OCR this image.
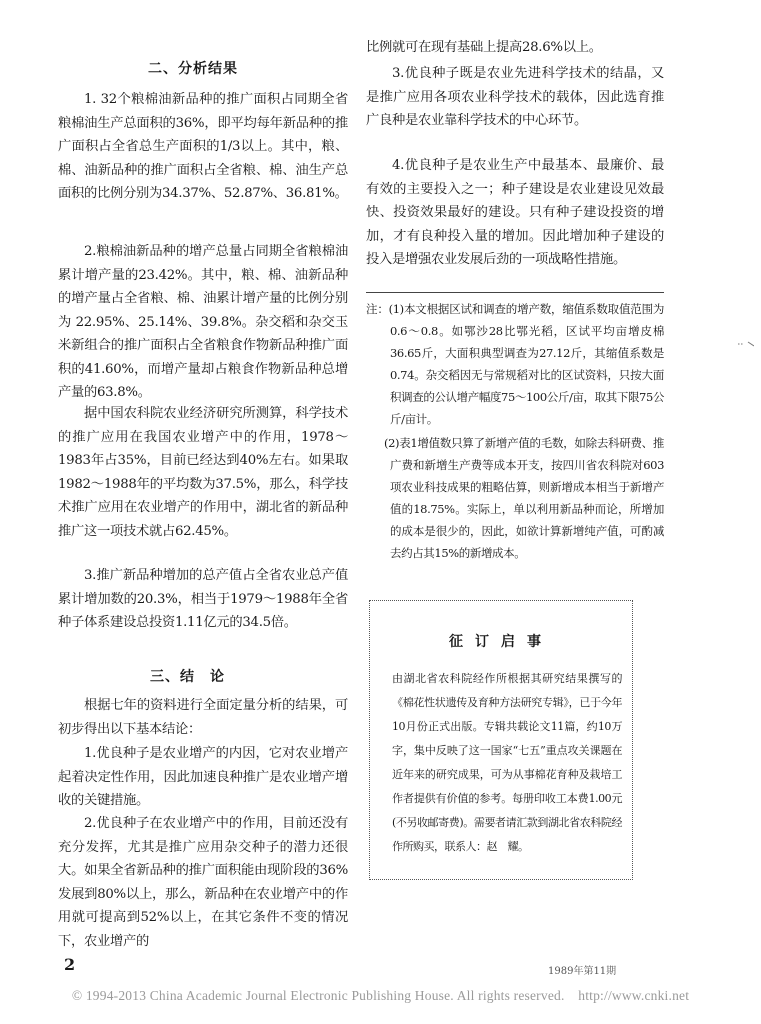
二、分析结果

1. 32个粮棉油新品种的推广面积占同期全省粮棉油生产总面积的36%，即平均每年新品种的推广面积占全省总生产面积的1/3以上。其中，粮、棉、油新品种的推广面积占全省粮、棉、油生产总面积的比例分别为34.37%、52.87%、36.81%。

2.粮棉油新品种的增产总量占同期全省粮棉油累计增产量的23.42%。其中，粮、棉、油新品种的增产量占全省粮、棉、油累计增产量的比例分别为 22.95%、25.14%、39.8%。杂交稻和杂交玉米新组合的推广面积占全省粮食作物新品种推广面积的41.60%，而增产量却占粮食作物新品种总增产量的63.8%。

据中国农科院农业经济研究所测算，科学技术的推广应用在我国农业增产中的作用，1978～1983年占35%，目前已经达到40%左右。如果取1982～1988年的平均数为37.5%，那么，科学技术推广应用在农业增产的作用中，湖北省的新品种推广这一项技术就占62.45%。

3.推广新品种增加的总产值占全省农业总产值累计增加数的20.3%，相当于1979～1988年全省种子体系建设总投资1.11亿元的34.5倍。

三、结　论

根据七年的资料进行全面定量分析的结果，可初步得出以下基本结论：

1.优良种子是农业增产的内因，它对农业增产起着决定性作用，因此加速良种推广是农业增产增收的关键措施。

2.优良种子在农业增产中的作用，目前还没有充分发挥，尤其是推广应用杂交种子的潜力还很大。如果全省新品种的推广面积能由现阶段的36%发展到80%以上，那么，新品种在农业增产中的作用就可提高到52%以上，在其它条件不变的情况下，农业增产的

比例就可在现有基础上提高28.6%以上。

3.优良种子既是农业先进科学技术的结晶，又是推广应用各项农业科学技术的载体，因此选育推广良种是农业靠科学技术的中心环节。

4.优良种子是农业生产中最基本、最廉价、最有效的主要投入之一；种子建设是农业建设见效最快、投资效果最好的建设。只有种子建设投资的增加，才有良种投入量的增加。因此增加种子建设的投入是增强农业发展后劲的一项战略性措施。

注：(1)本文根据区试和调查的增产数，缩值系数取值范围为0.6～0.8。如鄂沙28比鄂光稻，区试平均亩增皮棉36.65斤，大面积典型调查为27.12斤，其缩值系数是0.74。杂交稻因无与常规稻对比的区试资料，只按大面积调查的公认增产幅度75～100公斤/亩，取其下限75公斤/亩计。

(2)表1增值数只算了新增产值的毛数，如除去科研费、推广费和新增生产费等成本开支，按四川省农科院对603项农业科技成果的粗略估算，则新增成本相当于新增产值的18.75%。实际上，单以利用新品种而论，所增加的成本是很少的，因此，如欲计算新增纯产值，可酌减去约占其15%的新增成本。

征订启事

由湖北省农科院经作所根据其研究结果撰写的《棉花性状遗传及育种方法研究专辑》，已于今年10月份正式出版。专辑共载论文11篇，约10万字，集中反映了这一国家“七五”重点攻关课题在近年来的研究成果，可为从事棉花育种及栽培工作者提供有价值的参考。每册印收工本费1.00元(不另收邮寄费)。需要者请汇款到湖北省农科院经作所购买，联系人：赵　耀。

2	1989年第11期
© 1994-2013 China Academic Journal Electronic Publishing House. All rights reserved.　http://www.cnki.net
